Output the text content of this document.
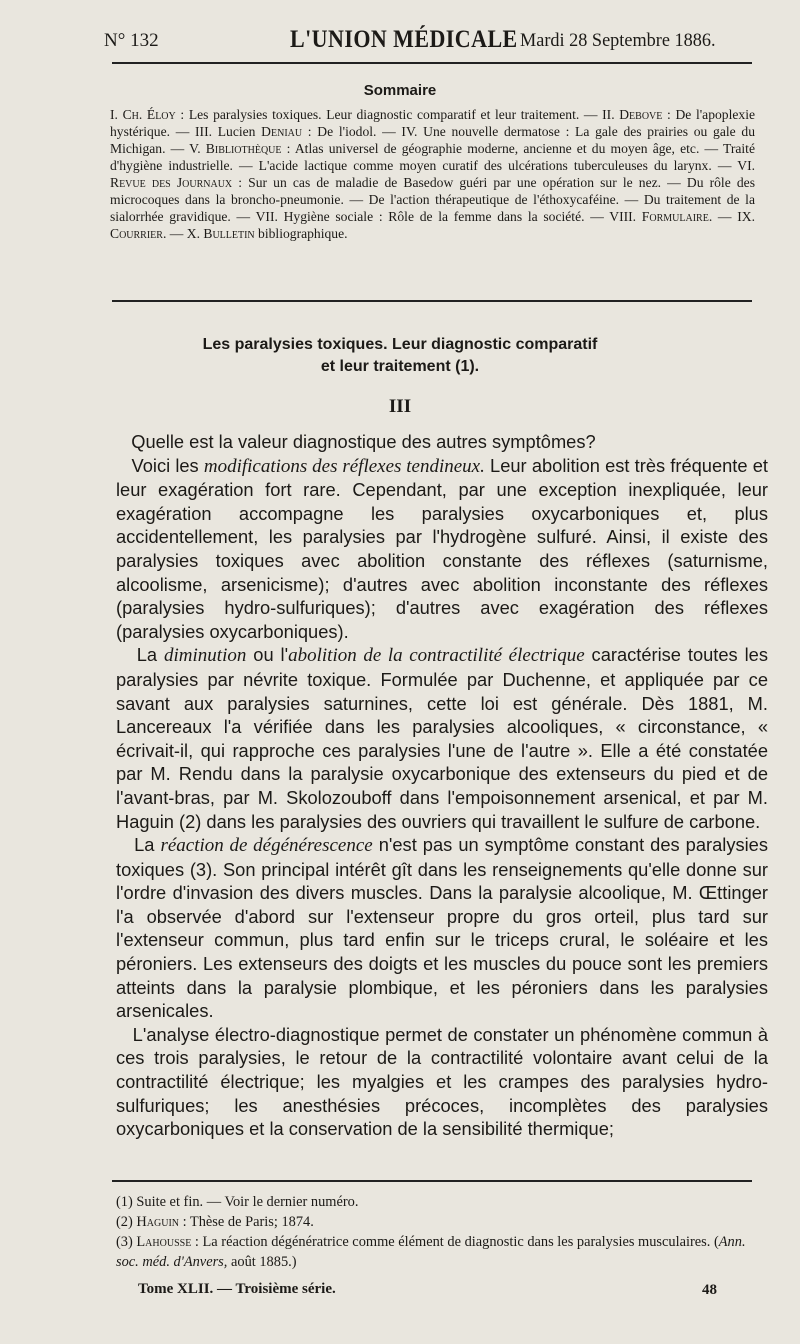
N° 132	L'UNION MÉDICALE Mardi 28 Septembre 1886.
Sommaire
I. Ch. Éloy : Les paralysies toxiques. Leur diagnostic comparatif et leur traitement. — II. Debove : De l'apoplexie hystérique. — III. Lucien Deniau : De l'iodol. — IV. Une nouvelle dermatose : La gale des prairies ou gale du Michigan. — V. Bibliothèque : Atlas universel de géographie moderne, ancienne et du moyen âge, etc. — Traité d'hygiène industrielle. — L'acide lactique comme moyen curatif des ulcérations tuberculeuses du larynx. — VI. Revue des Journaux : Sur un cas de maladie de Basedow guéri par une opération sur le nez. — Du rôle des microcoques dans la broncho-pneumonie. — De l'action thérapeutique de l'éthoxycaféine. — Du traitement de la sialorrhée gravidique. — VII. Hygiène sociale : Rôle de la femme dans la société. — VIII. Formulaire. — IX. Courrier. — X. Bulletin bibliographique.
Les paralysies toxiques. Leur diagnostic comparatif
et leur traitement (1).
III

Quelle est la valeur diagnostique des autres symptômes?

Voici les modifications des réflexes tendineux. Leur abolition est très fréquente et leur exagération fort rare. Cependant, par une exception inexpliquée, leur exagération accompagne les paralysies oxycarboniques et, plus accidentellement, les paralysies par l'hydrogène sulfuré. Ainsi, il existe des paralysies toxiques avec abolition constante des réflexes (saturnisme, alcoolisme, arsenicisme); d'autres avec abolition inconstante des réflexes (paralysies hydro-sulfuriques); d'autres avec exagération des réflexes (paralysies oxycarboniques).

La diminution ou l'abolition de la contractilité électrique caractérise toutes les paralysies par névrite toxique. Formulée par Duchenne, et appliquée par ce savant aux paralysies saturnines, cette loi est générale. Dès 1881, M. Lancereaux l'a vérifiée dans les paralysies alcooliques, « circonstance, « écrivait-il, qui rapproche ces paralysies l'une de l'autre ». Elle a été constatée par M. Rendu dans la paralysie oxycarbonique des extenseurs du pied et de l'avant-bras, par M. Skolozouboff dans l'empoisonnement arsenical, et par M. Haguin (2) dans les paralysies des ouvriers qui travaillent le sulfure de carbone.

La réaction de dégénérescence n'est pas un symptôme constant des paralysies toxiques (3). Son principal intérêt gît dans les renseignements qu'elle donne sur l'ordre d'invasion des divers muscles. Dans la paralysie alcoolique, M. Œttinger l'a observée d'abord sur l'extenseur propre du gros orteil, plus tard sur l'extenseur commun, plus tard enfin sur le triceps crural, le soléaire et les péroniers. Les extenseurs des doigts et les muscles du pouce sont les premiers atteints dans la paralysie plombique, et les péroniers dans les paralysies arsenicales.

L'analyse électro-diagnostique permet de constater un phénomène commun à ces trois paralysies, le retour de la contractilité volontaire avant celui de la contractilité électrique; les myalgies et les crampes des paralysies hydro-sulfuriques; les anesthésies précoces, incomplètes des paralysies oxycarboniques et la conservation de la sensibilité thermique;

(1) Suite et fin. — Voir le dernier numéro.

(2) Haguin : Thèse de Paris; 1874.

(3) Lahousse : La réaction dégénératrice comme élément de diagnostic dans les paralysies musculaires. (Ann. soc. méd. d'Anvers, août 1885.)

Tome XLII. — Troisième série.	48
